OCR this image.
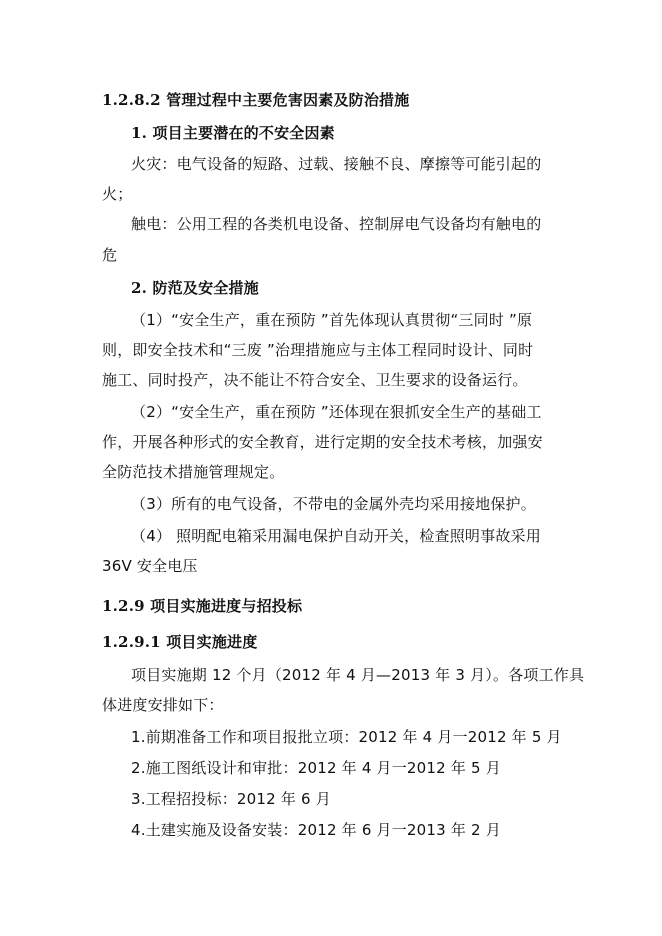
1.2.8.2 管理过程中主要危害因素及防治措施
1. 项目主要潜在的不安全因素
火灾：电气设备的短路、过载、接触不良、摩擦等可能引起的
火；
触电：公用工程的各类机电设备、控制屏电气设备均有触电的
危
2. 防范及安全措施
（1）“安全生产，重在预防 ”首先体现认真贯彻“三同时 ”原
则，即安全技术和“三废 ”治理措施应与主体工程同时设计、同时
施工、同时投产，决不能让不符合安全、卫生要求的设备运行。
（2）“安全生产，重在预防 ”还体现在狠抓安全生产的基础工
作，开展各种形式的安全教育，进行定期的安全技术考核，加强安
全防范技术措施管理规定。
（3）所有的电气设备，不带电的金属外壳均采用接地保护。
（4） 照明配电箱采用漏电保护自动开关，检查照明事故采用
36V 安全电压
1.2.9 项目实施进度与招投标
1.2.9.1 项目实施进度
项目实施期 12 个月（2012 年 4 月—2013 年 3 月）。各项工作具
体进度安排如下：
1.前期准备工作和项目报批立项：2012 年 4 月一2012 年 5 月
2.施工图纸设计和审批：2012 年 4 月一2012 年 5 月
3.工程招投标：2012 年 6 月
4.土建实施及设备安装：2012 年 6 月一2013 年 2 月
